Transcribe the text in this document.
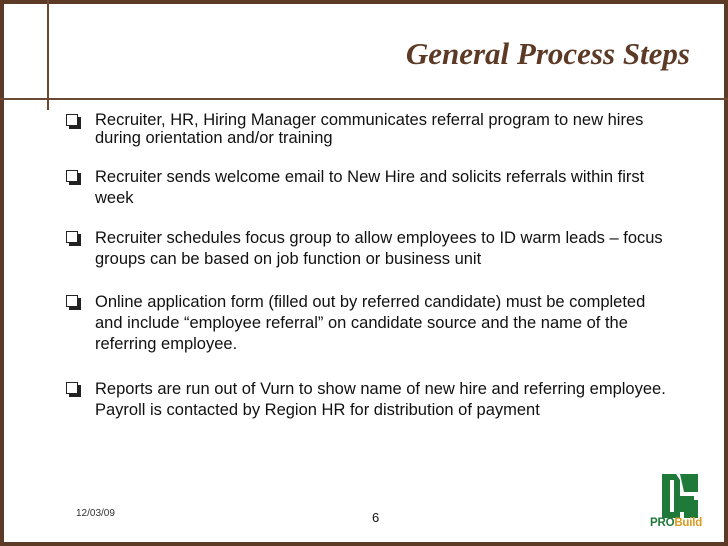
General Process Steps
Recruiter, HR, Hiring Manager communicates referral program to new hires during orientation and/or training
Recruiter sends welcome email to New Hire and solicits referrals within first week
Recruiter schedules focus group to allow employees to ID warm leads – focus groups can be based on job function or business unit
Online application form (filled out by referred candidate) must be completed and include “employee referral” on candidate source and the name of the referring employee.
Reports are run out of Vurn to show name of new hire and referring employee. Payroll is contacted by Region HR for distribution of payment
12/03/09	6	PROBuild
